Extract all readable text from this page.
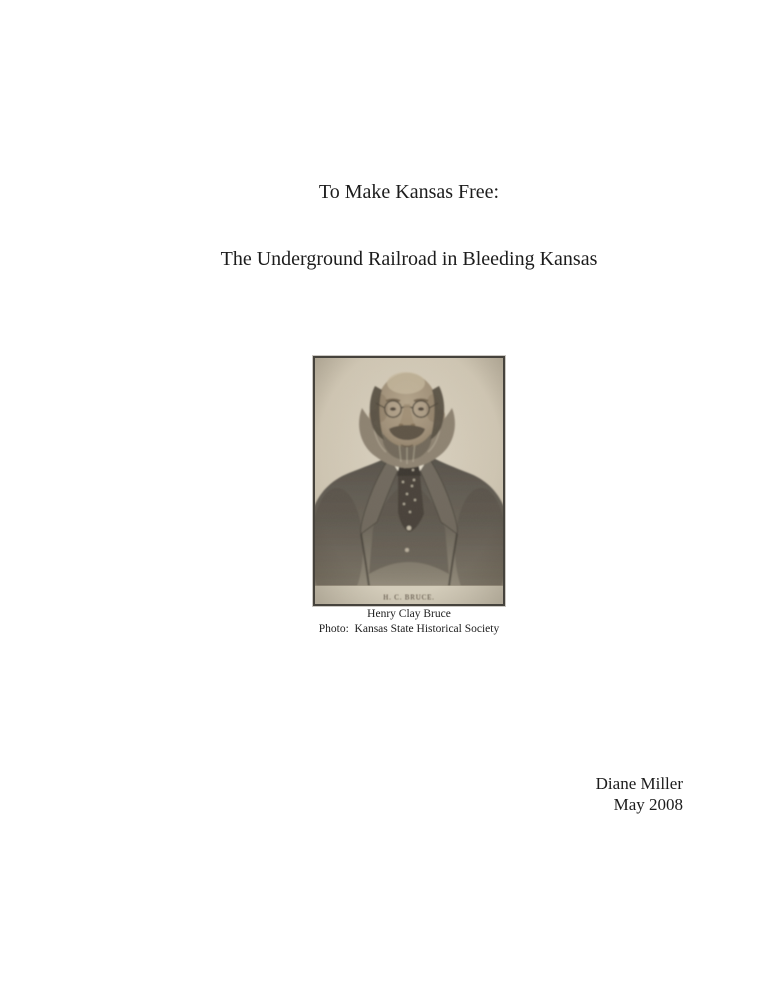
To Make Kansas Free:
The Underground Railroad in Bleeding Kansas
Henry Clay Bruce
Photo:  Kansas State Historical Society
Diane Miller
May 2008
